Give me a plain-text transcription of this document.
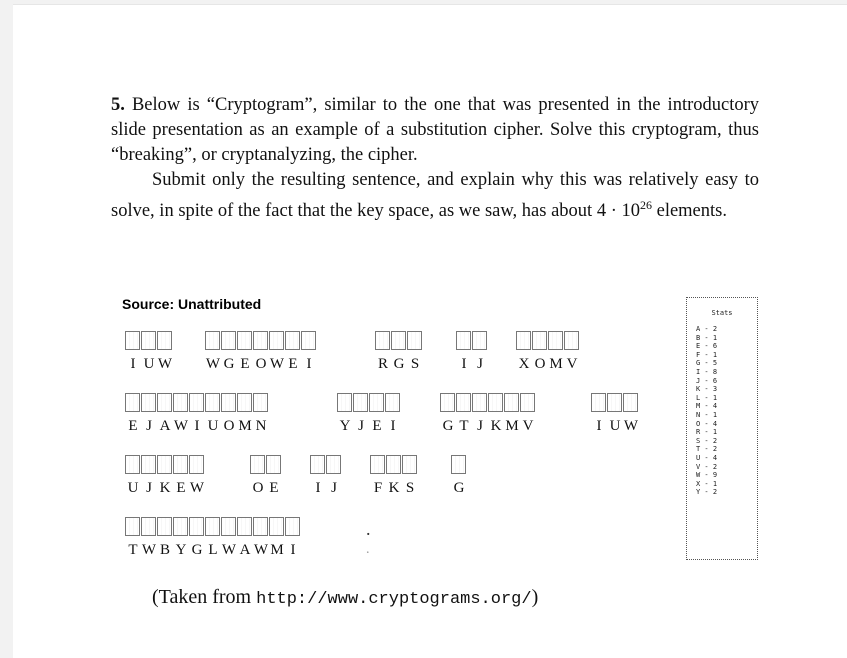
5. Below is “Cryptogram”, similar to the one that was presented in the introductory slide presentation as an example of a substitution cipher. Solve this cryptogram, thus “breaking”, or cryptanalyzing, the cipher.
Submit only the resulting sentence, and explain why this was relatively easy to solve, in spite of the fact that the key space, as we saw, has about $4 \cdot 10^{26}$ elements.
Source: Unattributed
I U W W G E O W E I	R G S	I J	X O M V
E J A W I U O M N	Y J E I	G T J K M V	I U W
U J K E W	O E	I J	F K S	G
T W B Y G L W A W M I
.
.
Stats
A - 2
B - 1
E - 6
F - 1
G - 5
I - 8
J - 6
K - 3
L - 1
M - 4
N - 1
O - 4
R - 1
S - 2
T - 2
U - 4
V - 2
W - 9
X - 1
Y - 2
(Taken from http://www.cryptograms.org/)
